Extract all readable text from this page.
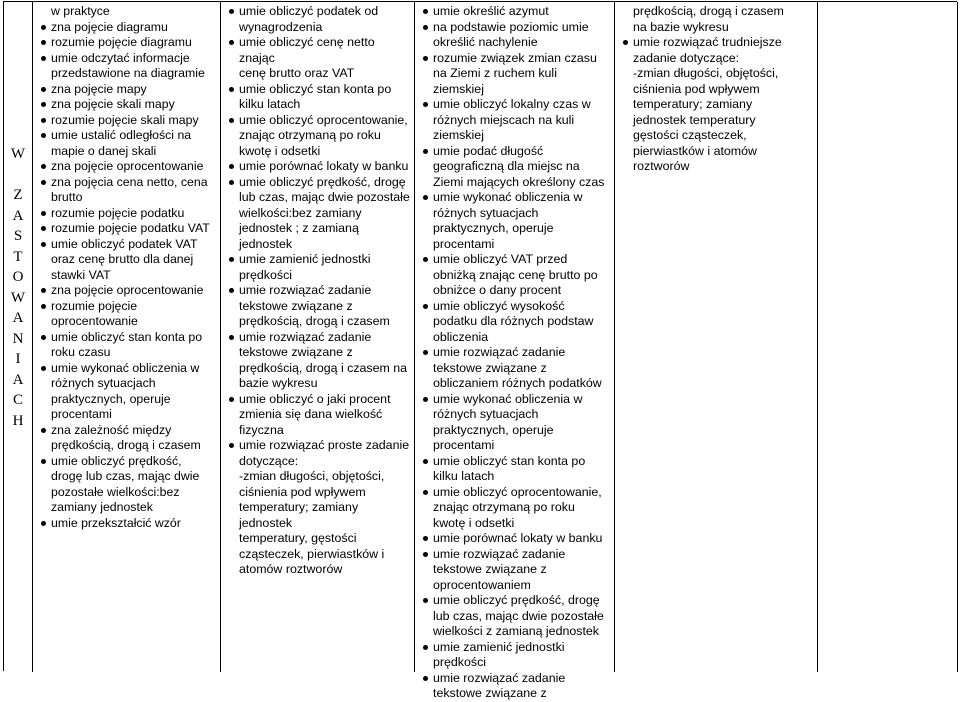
W

Z
A
S
T
O
W
A
N
I
A
C
H
w praktyce
zna pojęcie diagramu
rozumie pojęcie diagramu
umie odczytać informacje
przedstawione na diagramie
zna pojęcie mapy
zna pojęcie skali mapy
rozumie pojęcie skali mapy
umie ustalić odległości na
mapie o danej skali
zna pojęcie oprocentowanie
zna pojęcia cena netto, cena
brutto
rozumie pojęcie podatku
rozumie pojęcie podatku VAT
umie obliczyć podatek VAT
oraz cenę brutto dla danej
stawki VAT
zna pojęcie oprocentowanie
rozumie pojęcie
oprocentowanie
umie obliczyć stan konta po
roku czasu
umie wykonać obliczenia w
różnych sytuacjach
praktycznych, operuje
procentami
zna zależność między
prędkością, drogą i czasem
umie obliczyć prędkość,
drogę lub czas, mając dwie
pozostałe wielkości:bez
zamiany jednostek
umie przekształcić wzór
umie obliczyć podatek od
wynagrodzenia
umie obliczyć cenę netto znając
cenę brutto oraz VAT
umie obliczyć stan konta po
kilku latach
umie obliczyć oprocentowanie,
znając otrzymaną po roku
kwotę i odsetki
umie porównać lokaty w banku
umie obliczyć prędkość, drogę
lub czas, mając dwie pozostałe
wielkości:bez zamiany
jednostek ; z zamianą
jednostek
umie zamienić jednostki
prędkości
umie rozwiązać zadanie
tekstowe związane z
prędkością, drogą i czasem
umie rozwiązać zadanie
tekstowe związane z
prędkością, drogą i czasem na
bazie wykresu
umie obliczyć o jaki procent
zmienia się dana wielkość
fizyczna
umie rozwiązać proste zadanie
dotyczące:
-zmian długości, objętości,
ciśnienia pod wpływem
temperatury; zamiany jednostek
temperatury, gęstości
cząsteczek, pierwiastków i
atomów roztworów
umie określić azymut
na podstawie poziomic umie
określić nachylenie
rozumie związek zmian czasu
na Ziemi z ruchem kuli
ziemskiej
umie obliczyć lokalny czas w
różnych miejscach na kuli
ziemskiej
umie podać długość
geograficzną dla miejsc na
Ziemi mających określony czas
umie wykonać obliczenia w
różnych sytuacjach
praktycznych, operuje
procentami
umie obliczyć VAT przed
obniżką znając cenę brutto po
obniżce o dany procent
umie obliczyć wysokość
podatku dla różnych podstaw
obliczenia
umie rozwiązać zadanie
tekstowe związane z
obliczaniem różnych podatków
umie wykonać obliczenia w
różnych sytuacjach
praktycznych, operuje
procentami
umie obliczyć stan konta po
kilku latach
umie obliczyć oprocentowanie,
znając otrzymaną po roku
kwotę i odsetki
umie porównać lokaty w banku
umie rozwiązać zadanie
tekstowe związane z
oprocentowaniem
umie obliczyć prędkość, drogę
lub czas, mając dwie pozostałe
wielkości z zamianą jednostek
umie zamienić jednostki
prędkości
umie rozwiązać zadanie
tekstowe związane z
prędkością, drogą i czasem
na bazie wykresu
umie rozwiązać trudniejsze
zadanie dotyczące:
-zmian długości, objętości,
ciśnienia pod wpływem
temperatury; zamiany
jednostek temperatury
gęstości cząsteczek,
pierwiastków i atomów
roztworów
